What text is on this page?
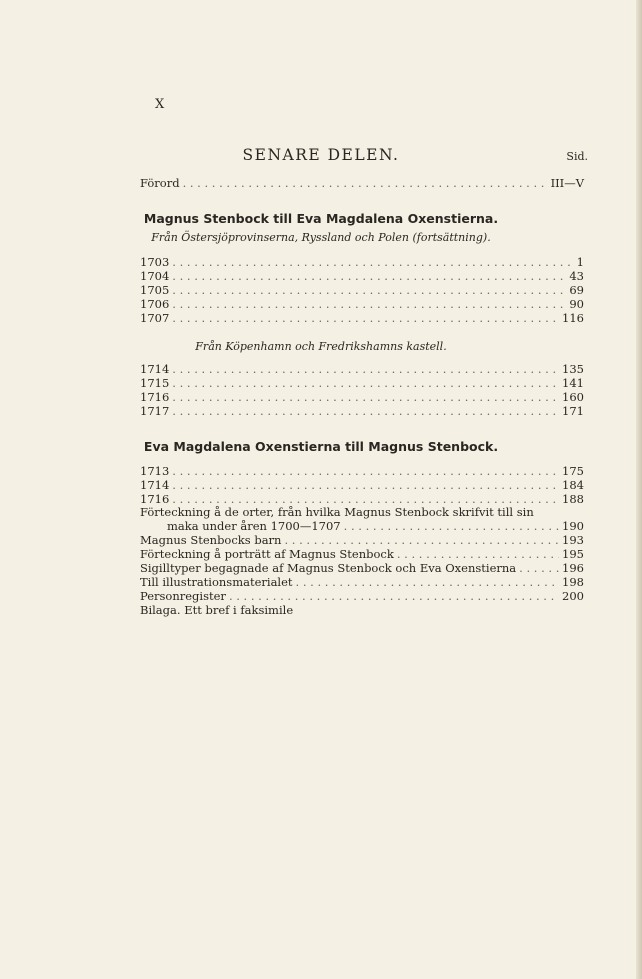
X
SENARE DELEN.	Sid.
Förord . . .	III—V
Magnus Stenbock till Eva Magdalena Oxenstierna.
Från Östersjöprovinserna, Ryssland och Polen (fortsättning).
1703 . . .	1
1704 . . .	43
1705 . . .	69
1706 . . .	90
1707 . . .	116
Från Köpenhamn och Fredrikshamns kastell.
1714 . . .	135
1715 . . .	141
1716 . . .	160
1717 . . .	171
Eva Magdalena Oxenstierna till Magnus Stenbock.
1713 . . .	175
1714 . . .	184
1716 . . .	188
Förteckning å de orter, från hvilka Magnus Stenbock skrifvit till sin
maka under åren 1700—1707 . . .	190
Magnus Stenbocks barn . . .	193
Förteckning å porträtt af Magnus Stenbock . . .	195
Sigilltyper begagnade af Magnus Stenbock och Eva Oxenstierna . . .	196
Till illustrationsmaterialet . . .	198
Personregister . . .	200
Bilaga. Ett bref i faksimile
